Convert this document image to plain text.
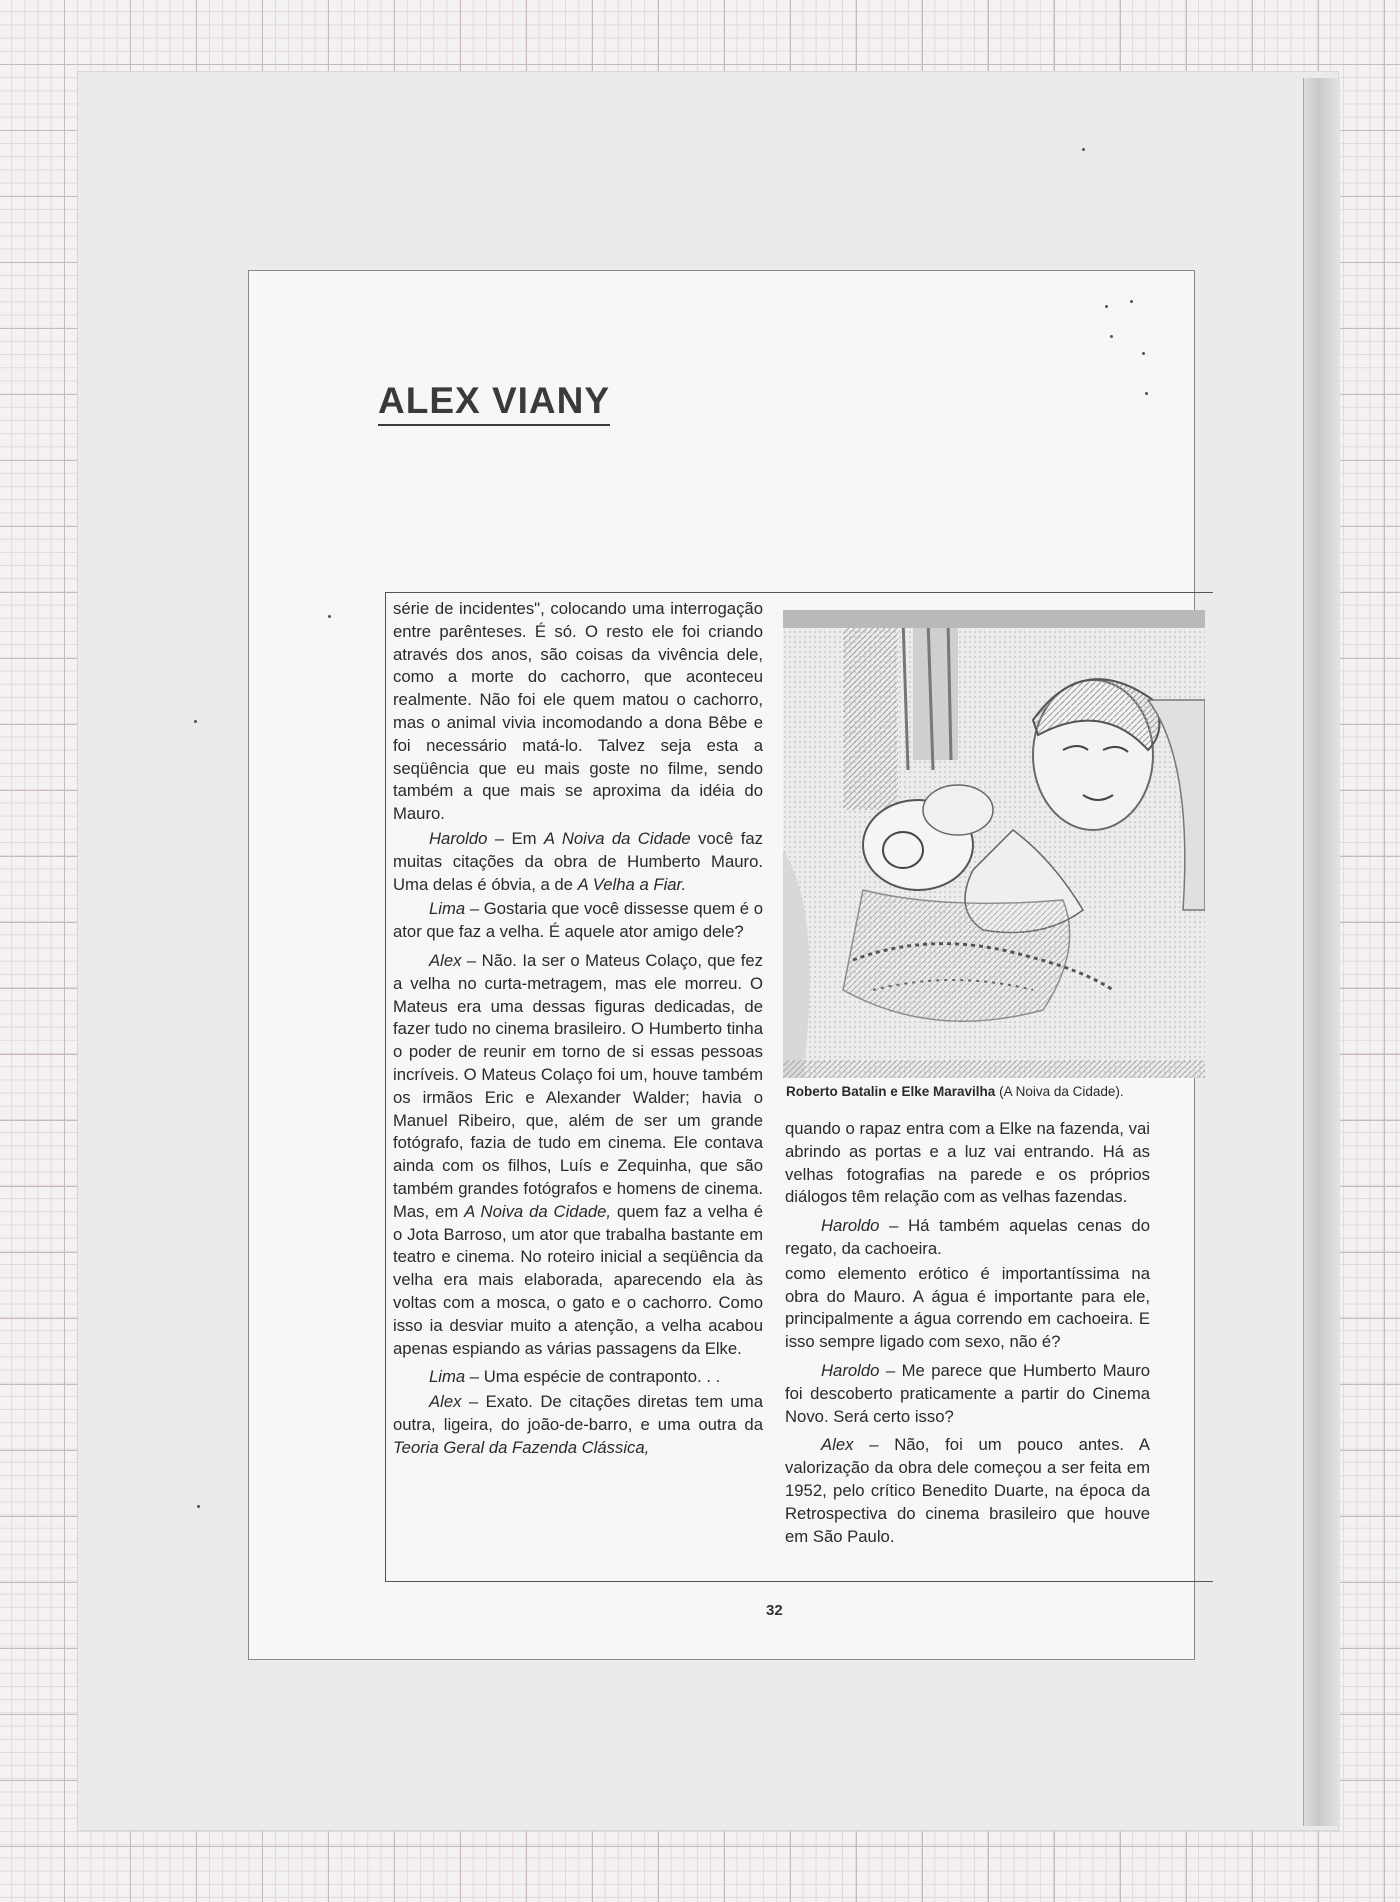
ALEX VIANY

série de incidentes", colocando uma interrogação entre parênteses. É só. O resto ele foi criando através dos anos, são coisas da vivência dele, como a morte do cachorro, que aconteceu realmente. Não foi ele quem matou o cachorro, mas o animal vivia incomodando a dona Bêbe e foi necessário matá-lo. Talvez seja esta a seqüência que eu mais goste no filme, sendo também a que mais se aproxima da idéia do Mauro.

Haroldo – Em A Noiva da Cidade você faz muitas citações da obra de Humberto Mauro. Uma delas é óbvia, a de A Velha a Fiar.

Lima – Gostaria que você dissesse quem é o ator que faz a velha. É aquele ator amigo dele?

Alex – Não. Ia ser o Mateus Colaço, que fez a velha no curta-metragem, mas ele morreu. O Mateus era uma dessas figuras dedicadas, de fazer tudo no cinema brasileiro. O Humberto tinha o poder de reunir em torno de si essas pessoas incríveis. O Mateus Colaço foi um, houve também os irmãos Eric e Alexander Walder; havia o Manuel Ribeiro, que, além de ser um grande fotógrafo, fazia de tudo em cinema. Ele contava ainda com os filhos, Luís e Zequinha, que são também grandes fotógrafos e homens de cinema. Mas, em A Noiva da Cidade, quem faz a velha é o Jota Barroso, um ator que trabalha bastante em teatro e cinema. No roteiro inicial a seqüência da velha era mais elaborada, aparecendo ela às voltas com a mosca, o gato e o cachorro. Como isso ia desviar muito a atenção, a velha acabou apenas espiando as várias passagens da Elke.

Lima – Uma espécie de contraponto. . .

Alex – Exato. De citações diretas tem uma outra, ligeira, do joão-de-barro, e uma outra da Teoria Geral da Fazenda Clássica,

Roberto Batalin e Elke Maravilha (A Noiva da Cidade).

quando o rapaz entra com a Elke na fazenda, vai abrindo as portas e a luz vai entrando. Há as velhas fotografias na parede e os próprios diálogos têm relação com as velhas fazendas.

Haroldo – Há também aquelas cenas do regato, da cachoeira.

como elemento erótico é importantíssima na obra do Mauro. A água é importante para ele, principalmente a água correndo em cachoeira. E isso sempre ligado com sexo, não é?

Haroldo – Me parece que Humberto Mauro foi descoberto praticamente a partir do Cinema Novo. Será certo isso?

Alex – Não, foi um pouco antes. A valorização da obra dele começou a ser feita em 1952, pelo crítico Benedito Duarte, na época da Retrospectiva do cinema brasileiro que houve em São Paulo.

32
